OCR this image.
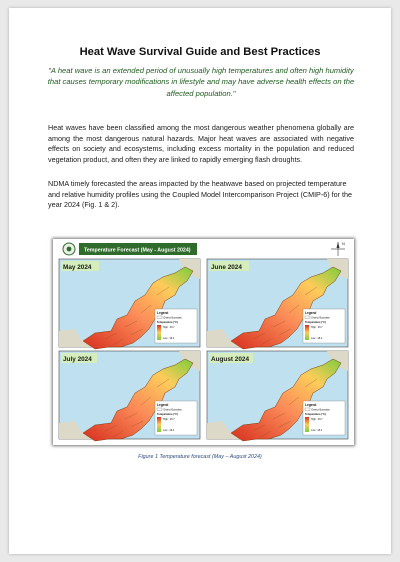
Heat Wave Survival Guide and Best Practices
"A heat wave is an extended period of unusually high temperatures and often high humidity that causes temporary modifications in lifestyle and may have adverse health effects on the affected population."
Heat waves have been classified among the most dangerous weather phenomena globally are among the most dangerous natural hazards. Major heat waves are associated with negative effects on society and ecosystems, including excess mortality in the population and reduced vegetation product, and often they are linked to rapidly emerging flash droughts.
NDMA timely forecasted the areas impacted by the heatwave based on projected temperature and relative humidity profiles using the Coupled Model Intercomparison Project (CMIP-6) for the year 2024 (Fig. 1 & 2).
Temperature Forecast (May - August 2024)
N
May 2024
Legend
District Boundary
Temperature (°C)
High : 49.7
Low : 18.2
June 2024
Legend
District Boundary
Temperature (°C)
High : 49.7
Low : 18.2
July 2024
Legend
District Boundary
Temperature (°C)
High : 49.7
Low : 18.2
August 2024
Legend
District Boundary
Temperature (°C)
High : 49.7
Low : 18.2
Figure 1 Temperature forecast (May – August 2024)
